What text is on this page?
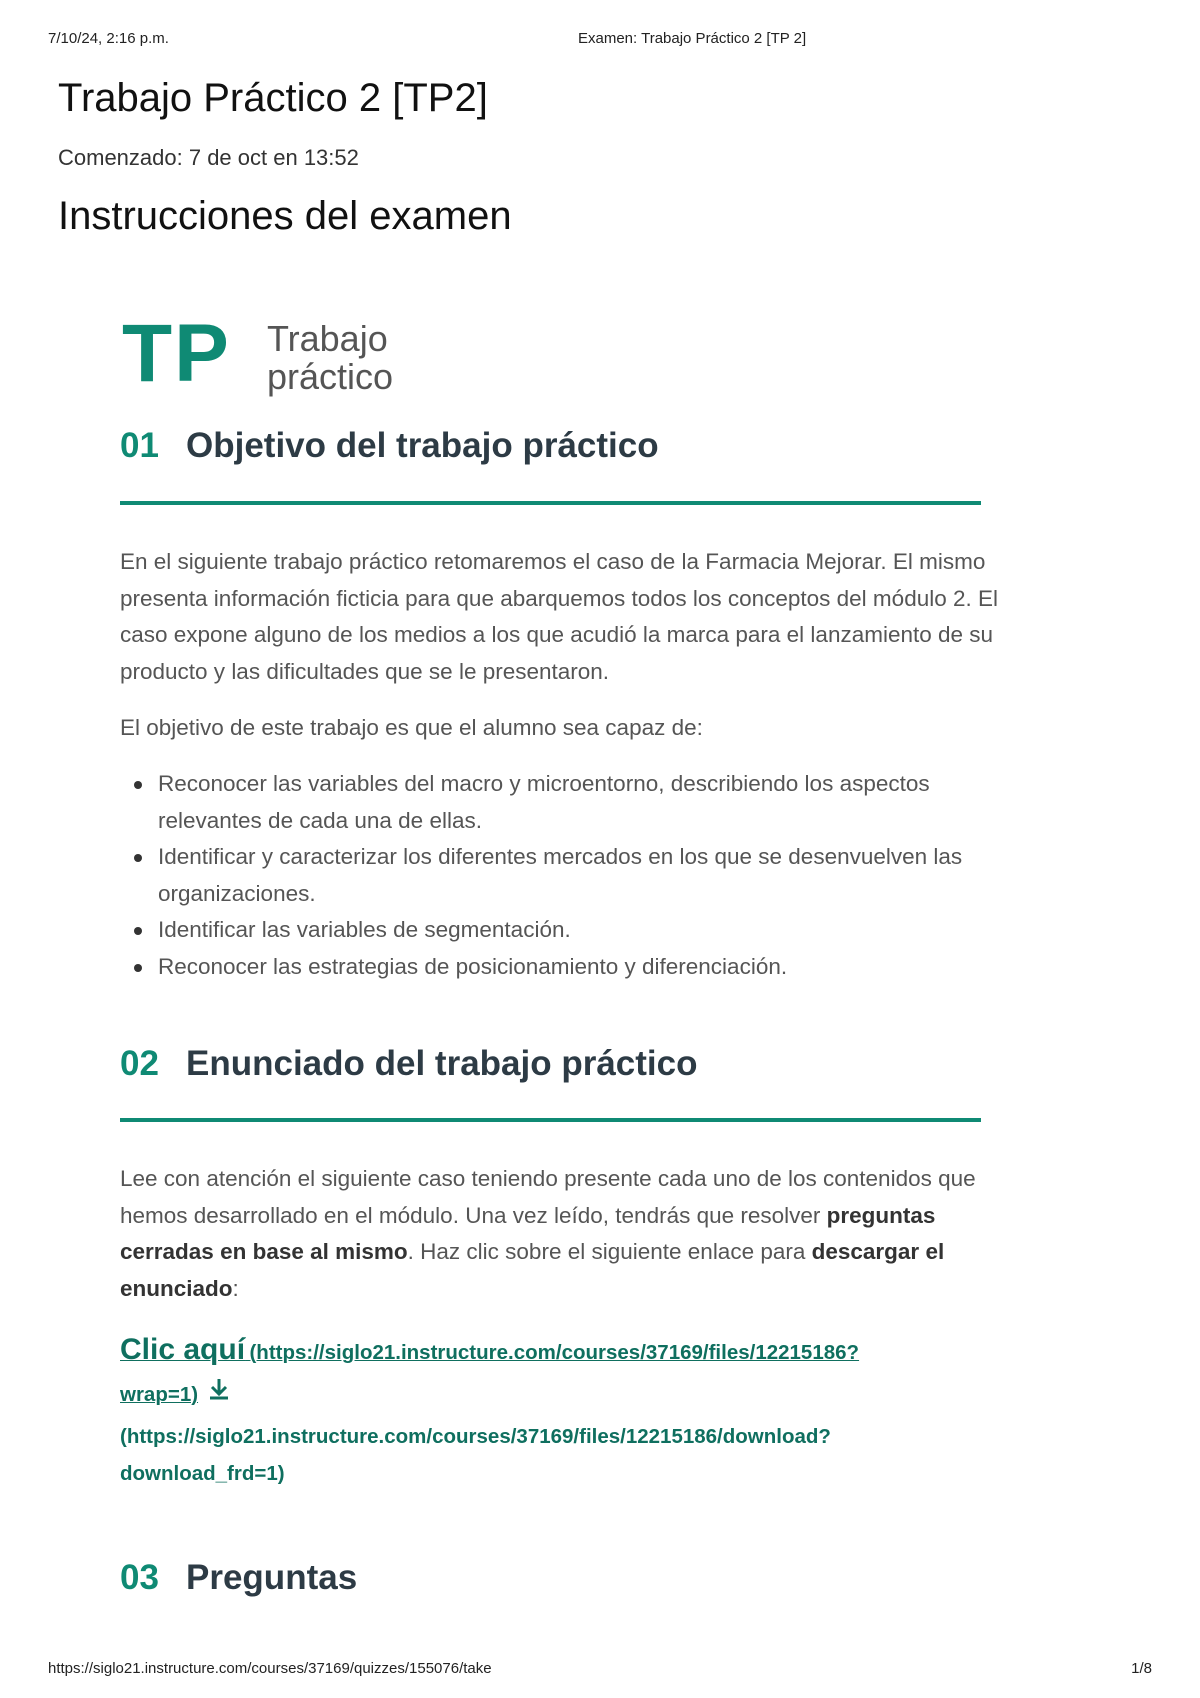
7/10/24, 2:16 p.m.	Examen: Trabajo Práctico 2 [TP 2]
Trabajo Práctico 2 [TP2]
Comenzado: 7 de oct en 13:52
Instrucciones del examen
TP Trabajo
práctico
01 Objetivo del trabajo práctico

En el siguiente trabajo práctico retomaremos el caso de la Farmacia Mejorar. El mismo presenta información ficticia para que abarquemos todos los conceptos del módulo 2. El caso expone alguno de los medios a los que acudió la marca para el lanzamiento de su producto y las dificultades que se le presentaron.

El objetivo de este trabajo es que el alumno sea capaz de:

Reconocer las variables del macro y microentorno, describiendo los aspectos relevantes de cada una de ellas.
Identificar y caracterizar los diferentes mercados en los que se desenvuelven las organizaciones.
Identificar las variables de segmentación.
Reconocer las estrategias de posicionamiento y diferenciación.
02 Enunciado del trabajo práctico

Lee con atención el siguiente caso teniendo presente cada uno de los contenidos que hemos desarrollado en el módulo. Una vez leído, tendrás que resolver preguntas cerradas en base al mismo. Haz clic sobre el siguiente enlace para descargar el enunciado:

Clic aquí (https://siglo21.instructure.com/courses/37169/files/12215186?
wrap=1)
(https://siglo21.instructure.com/courses/37169/files/12215186/download?
download_frd=1)
03 Preguntas
https://siglo21.instructure.com/courses/37169/quizzes/155076/take	1/8
